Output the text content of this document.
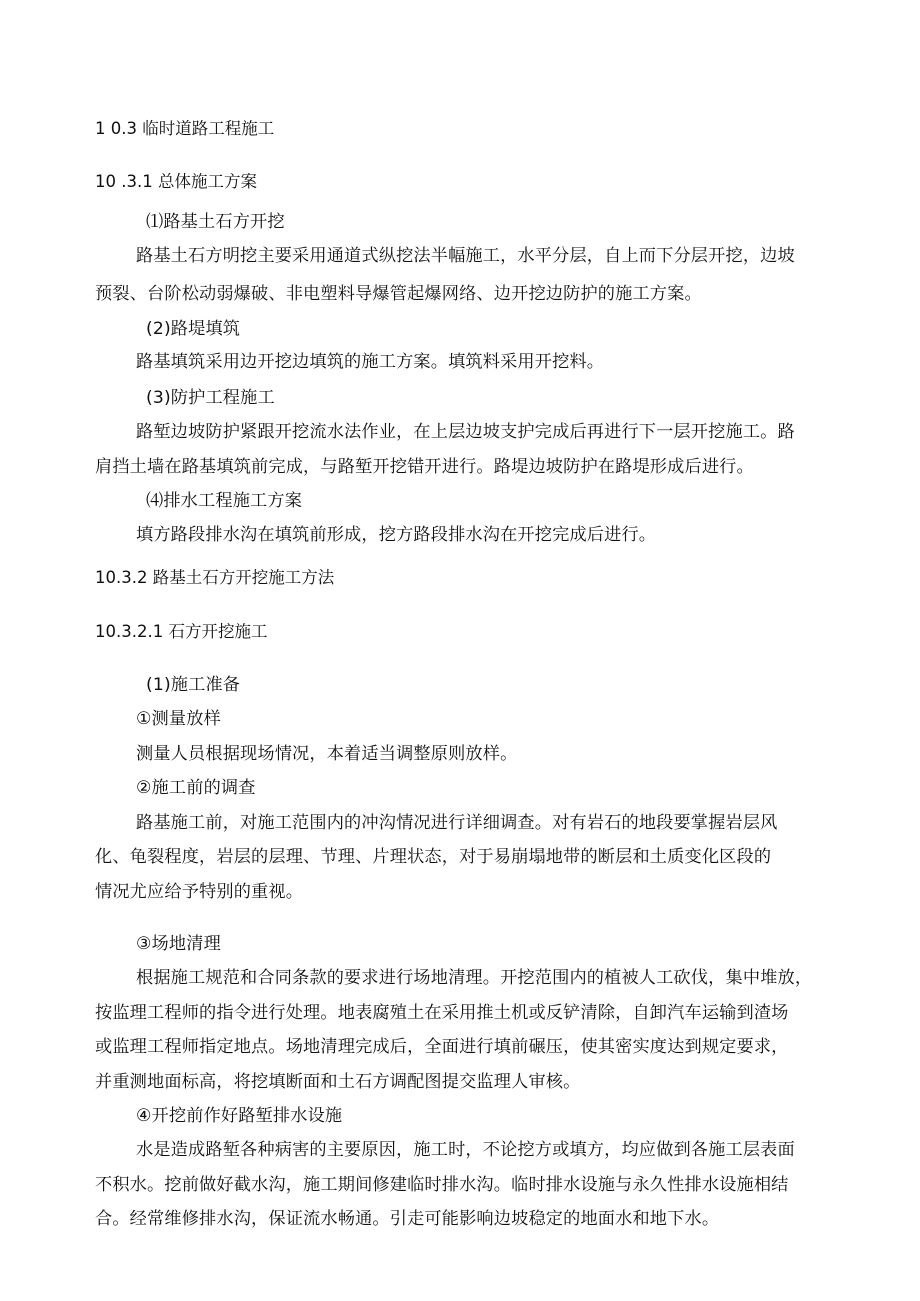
1 0.3 临时道路工程施工

10 .3.1 总体施工方案

⑴路基土石方开挖

路基土石方明挖主要采用通道式纵挖法半幅施工，水平分层，自上而下分层开挖，边坡

预裂、台阶松动弱爆破、非电塑料导爆管起爆网络、边开挖边防护的施工方案。

(2)路堤填筑

路基填筑采用边开挖边填筑的施工方案。填筑料采用开挖料。

(3)防护工程施工

路堑边坡防护紧跟开挖流水法作业，在上层边坡支护完成后再进行下一层开挖施工。路

肩挡土墙在路基填筑前完成，与路堑开挖错开进行。路堤边坡防护在路堤形成后进行。

⑷排水工程施工方案

填方路段排水沟在填筑前形成，挖方路段排水沟在开挖完成后进行。

10.3.2 路基土石方开挖施工方法

10.3.2.1 石方开挖施工

(1)施工准备

①测量放样

测量人员根据现场情况，本着适当调整原则放样。

②施工前的调查

路基施工前，对施工范围内的冲沟情况进行详细调查。对有岩石的地段要掌握岩层风

化、龟裂程度，岩层的层理、节理、片理状态，对于易崩塌地带的断层和土质变化区段的

情况尤应给予特别的重视。

③场地清理

根据施工规范和合同条款的要求进行场地清理。开挖范围内的植被人工砍伐，集中堆放，

按监理工程师的指令进行处理。地表腐殖土在采用推土机或反铲清除，自卸汽车运输到渣场

或监理工程师指定地点。场地清理完成后，全面进行填前碾压，使其密实度达到规定要求，

并重测地面标高，将挖填断面和土石方调配图提交监理人审核。

④开挖前作好路堑排水设施

水是造成路堑各种病害的主要原因，施工时，不论挖方或填方，均应做到各施工层表面

不积水。挖前做好截水沟，施工期间修建临时排水沟。临时排水设施与永久性排水设施相结

合。经常维修排水沟，保证流水畅通。引走可能影响边坡稳定的地面水和地下水。
